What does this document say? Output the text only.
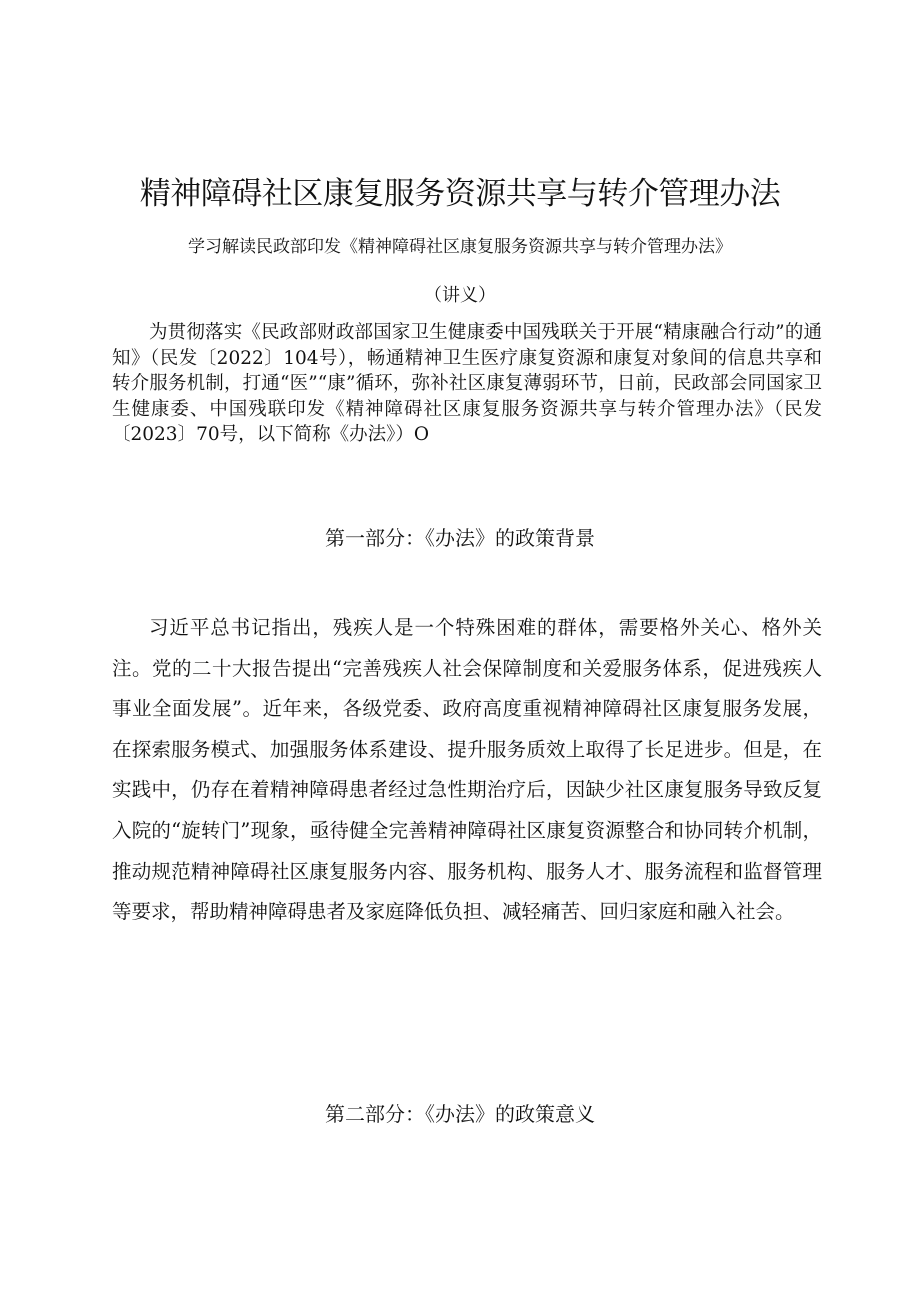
精神障碍社区康复服务资源共享与转介管理办法

学习解读民政部印发《精神障碍社区康复服务资源共享与转介管理办法》

（讲义）

为贯彻落实《民政部财政部国家卫生健康委中国残联关于开展“精康融合行动”的通知》（民发〔2022〕104号），畅通精神卫生医疗康复资源和康复对象间的信息共享和转介服务机制，打通“医”“康”循环，弥补社区康复薄弱环节，日前，民政部会同国家卫生健康委、中国残联印发《精神障碍社区康复服务资源共享与转介管理办法》（民发〔2023〕70号，以下简称《办法》）O

第一部分：《办法》的政策背景

习近平总书记指出，残疾人是一个特殊困难的群体，需要格外关心、格外关注。党的二十大报告提出“完善残疾人社会保障制度和关爱服务体系，促进残疾人事业全面发展”。近年来，各级党委、政府高度重视精神障碍社区康复服务发展，在探索服务模式、加强服务体系建设、提升服务质效上取得了长足进步。但是，在实践中，仍存在着精神障碍患者经过急性期治疗后，因缺少社区康复服务导致反复入院的“旋转门”现象，亟待健全完善精神障碍社区康复资源整合和协同转介机制，推动规范精神障碍社区康复服务内容、服务机构、服务人才、服务流程和监督管理等要求，帮助精神障碍患者及家庭降低负担、减轻痛苦、回归家庭和融入社会。

第二部分：《办法》的政策意义
